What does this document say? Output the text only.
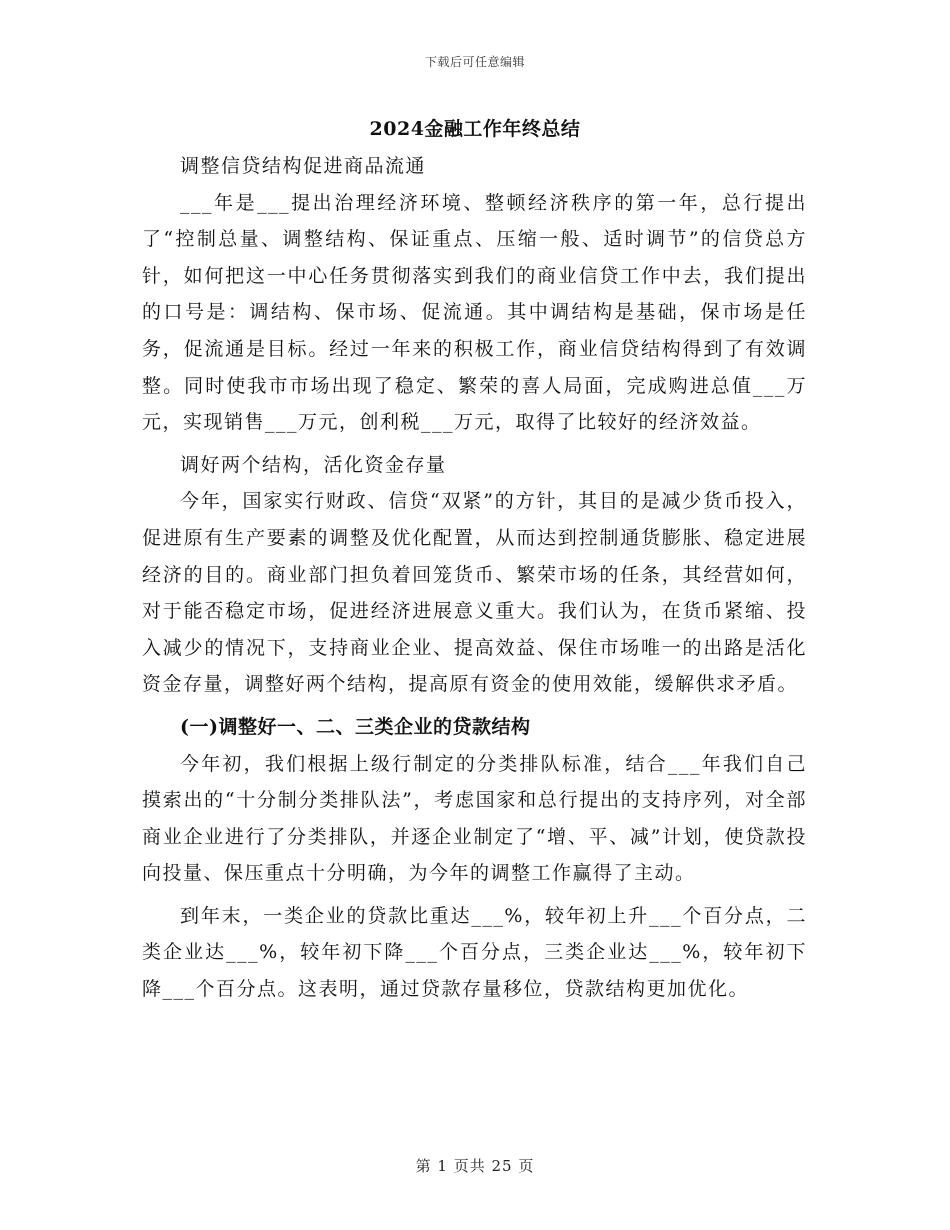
下载后可任意编辑
2024金融工作年终总结

调整信贷结构促进商品流通

___年是___提出治理经济环境、整顿经济秩序的第一年，总行提出了“控制总量、调整结构、保证重点、压缩一般、适时调节”的信贷总方针，如何把这一中心任务贯彻落实到我们的商业信贷工作中去，我们提出的口号是：调结构、保市场、促流通。其中调结构是基础，保市场是任务，促流通是目标。经过一年来的积极工作，商业信贷结构得到了有效调整。同时使我市市场出现了稳定、繁荣的喜人局面，完成购进总值___万元，实现销售___万元，创利税___万元，取得了比较好的经济效益。

调好两个结构，活化资金存量

今年，国家实行财政、信贷“双紧”的方针，其目的是减少货币投入，促进原有生产要素的调整及优化配置，从而达到控制通货膨胀、稳定进展经济的目的。商业部门担负着回笼货币、繁荣市场的任条，其经营如何，对于能否稳定市场，促进经济进展意义重大。我们认为，在货币紧缩、投入减少的情况下，支持商业企业、提高效益、保住市场唯一的出路是活化资金存量，调整好两个结构，提高原有资金的使用效能，缓解供求矛盾。

(一)调整好一、二、三类企业的贷款结构

今年初，我们根据上级行制定的分类排队标准，结合___年我们自己摸索出的“十分制分类排队法”，考虑国家和总行提出的支持序列，对全部商业企业进行了分类排队，并逐企业制定了“增、平、减”计划，使贷款投向投量、保压重点十分明确，为今年的调整工作赢得了主动。

到年末，一类企业的贷款比重达___%，较年初上升___个百分点，二类企业达___%，较年初下降___个百分点，三类企业达___%，较年初下降___个百分点。这表明，通过贷款存量移位，贷款结构更加优化。

第 1 页共 25 页
